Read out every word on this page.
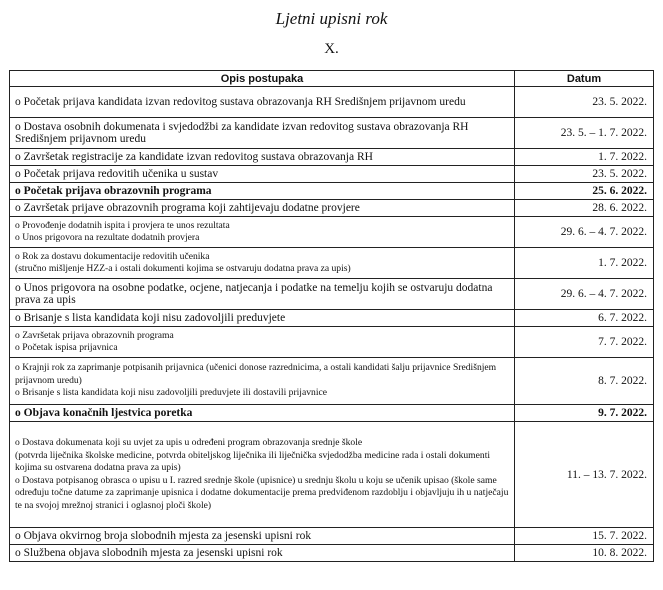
Ljetni upisni rok
X.
Opis postupaka	Datum

o Početak prijava kandidata izvan redovitog sustava obrazovanja RH Središnjem prijavnom uredu	23. 5. 2022.

o Dostava osobnih dokumenata i svjedodžbi za kandidate izvan redovitog sustava obrazovanja RH Središnjem prijavnom uredu	23. 5. – 1. 7. 2022.

o Završetak registracije za kandidate izvan redovitog sustava obrazovanja RH	1. 7. 2022.

o Početak prijava redovitih učenika u sustav	23. 5. 2022.

o Početak prijava obrazovnih programa	25. 6. 2022.

o Završetak prijave obrazovnih programa koji zahtijevaju dodatne provjere	28. 6. 2022.

o Provođenje dodatnih ispita i provjera te unos rezultata
o Unos prigovora na rezultate dodatnih provjera	29. 6. – 4. 7. 2022.

o Rok za dostavu dokumentacije redovitih učenika
(stručno mišljenje HZZ-a i ostali dokumenti kojima se ostvaruju dodatna prava za upis)	1. 7. 2022.

o Unos prigovora na osobne podatke, ocjene, natjecanja i podatke na temelju kojih se ostvaruju dodatna prava za upis	29. 6. – 4. 7. 2022.

o Brisanje s lista kandidata koji nisu zadovoljili preduvjete	6. 7. 2022.

o Završetak prijava obrazovnih programa
o Početak ispisa prijavnica	7. 7. 2022.

o Krajnji rok za zaprimanje potpisanih prijavnica (učenici donose razrednicima, a ostali kandidati šalju prijavnice Središnjem prijavnom uredu)
o Brisanje s lista kandidata koji nisu zadovoljili preduvjete ili dostavili prijavnice	8. 7. 2022.

o Objava konačnih ljestvica poretka	9. 7. 2022.

o Dostava dokumenata koji su uvjet za upis u određeni program obrazovanja srednje škole
(potvrda liječnika školske medicine, potvrda obiteljskog liječnika ili liječnička svjedodžba medicine rada i ostali dokumenti kojima su ostvarena dodatna prava za upis)
o Dostava potpisanog obrasca o upisu u I. razred srednje škole (upisnice) u srednju školu u koju se učenik upisao (škole same određuju točne datume za zaprimanje upisnica i dodatne dokumentacije prema predviđenom razdoblju i objavljuju ih u natječaju te na svojoj mrežnoj stranici i oglasnoj ploči škole)	11. – 13. 7. 2022.

o Objava okvirnog broja slobodnih mjesta za jesenski upisni rok	15. 7. 2022.

o Službena objava slobodnih mjesta za jesenski upisni rok	10. 8. 2022.
